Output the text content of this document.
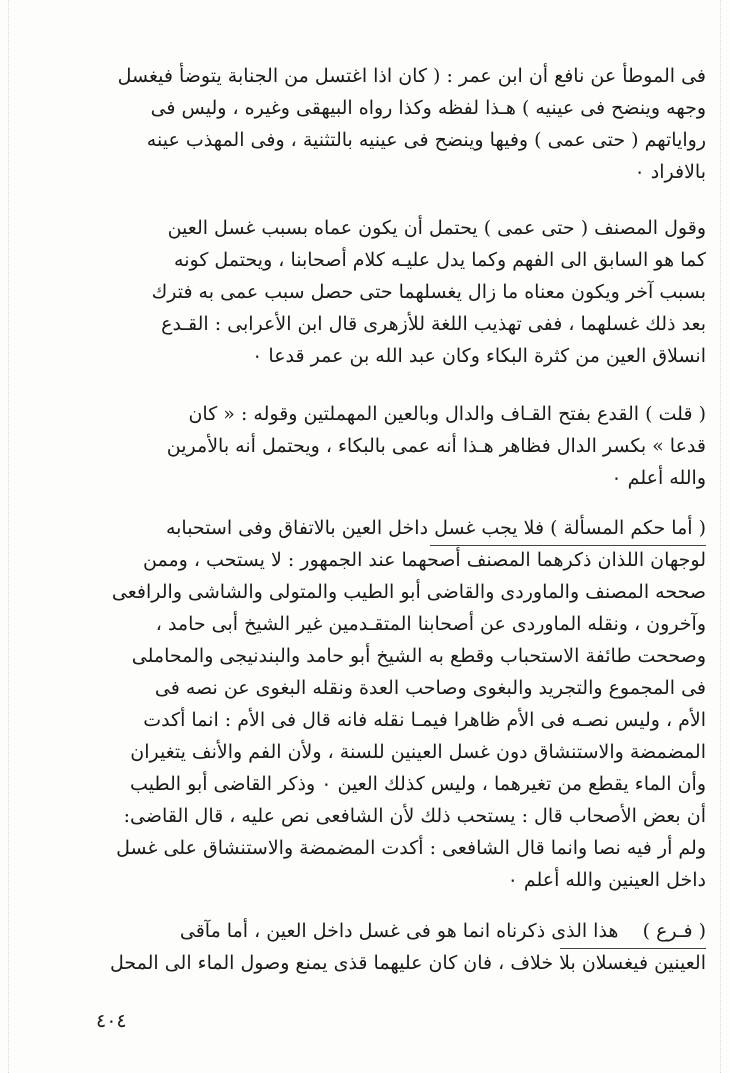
فى الموطأ عن نافع أن ابن عمر : ( كان اذا اغتسل من الجنابة يتوضأ فيغسل
وجهه وينضح فى عينيه ) هـذا لفظه وكذا رواه البيهقى وغيره ، وليس فى
رواياتهم ( حتى عمى ) وفيها وينضح فى عينيه بالتثنية ، وفى المهذب عينه
بالافراد ٠
وقول المصنف ( حتى عمى ) يحتمل أن يكون عماه بسبب غسل العين
كما هو السابق الى الفهم وكما يدل عليـه كلام أصحابنا ، ويحتمل كونه
بسبب آخر ويكون معناه ما زال يغسلهما حتى حصل سبب عمى به فترك
بعد ذلك غسلهما ، ففى تهذيب اللغة للأزهرى قال ابن الأعرابى : القـدع
انسلاق العين من كثرة البكاء وكان عبد الله بن عمر قدعا ٠
( قلت ) القدع بفتح القـاف والدال وبالعين المهملتين وقوله : « كان
قدعا » بكسر الدال فظاهر هـذا أنه عمى بالبكاء ، ويحتمل أنه بالأمرين
والله أعلم ٠
( أما حكم المسألة ) فلا يجب غسل داخل العين بالاتفاق وفى استحبابه
لوجهان اللذان ذكرهما المصنف أصحهما عند الجمهور : لا يستحب ، وممن
صححه المصنف والماوردى والقاضى أبو الطيب والمتولى والشاشى والرافعى
وآخرون ، ونقله الماوردى عن أصحابنا المتقـدمين غير الشيخ أبى حامد ،
وصححت طائفة الاستحباب وقطع به الشيخ أبو حامد والبندنيجى والمحاملى
فى المجموع والتجريد والبغوى وصاحب العدة ونقله البغوى عن نصه فى
الأم ، وليس نصـه فى الأم ظاهرا فيمـا نقله فانه قال فى الأم : انما أكدت
المضمضة والاستنشاق دون غسل العينين للسنة ، ولأن الفم والأنف يتغيران
وأن الماء يقطع من تغيرهما ، وليس كذلك العين ٠ وذكر القاضى أبو الطيب
أن بعض الأصحاب قال : يستحب ذلك لأن الشافعى نص عليه ، قال القاضى:
ولم أر فيه نصا وانما قال الشافعى : أكدت المضمضة والاستنشاق على غسل
داخل العينين والله أعلم ٠
( فـرع )    هذا الذى ذكرناه انما هو فى غسل داخل العين ، أما مآقى
العينين فيغسلان بلا خلاف ، فان كان عليهما قذى يمنع وصول الماء الى المحل
٤٠٤
